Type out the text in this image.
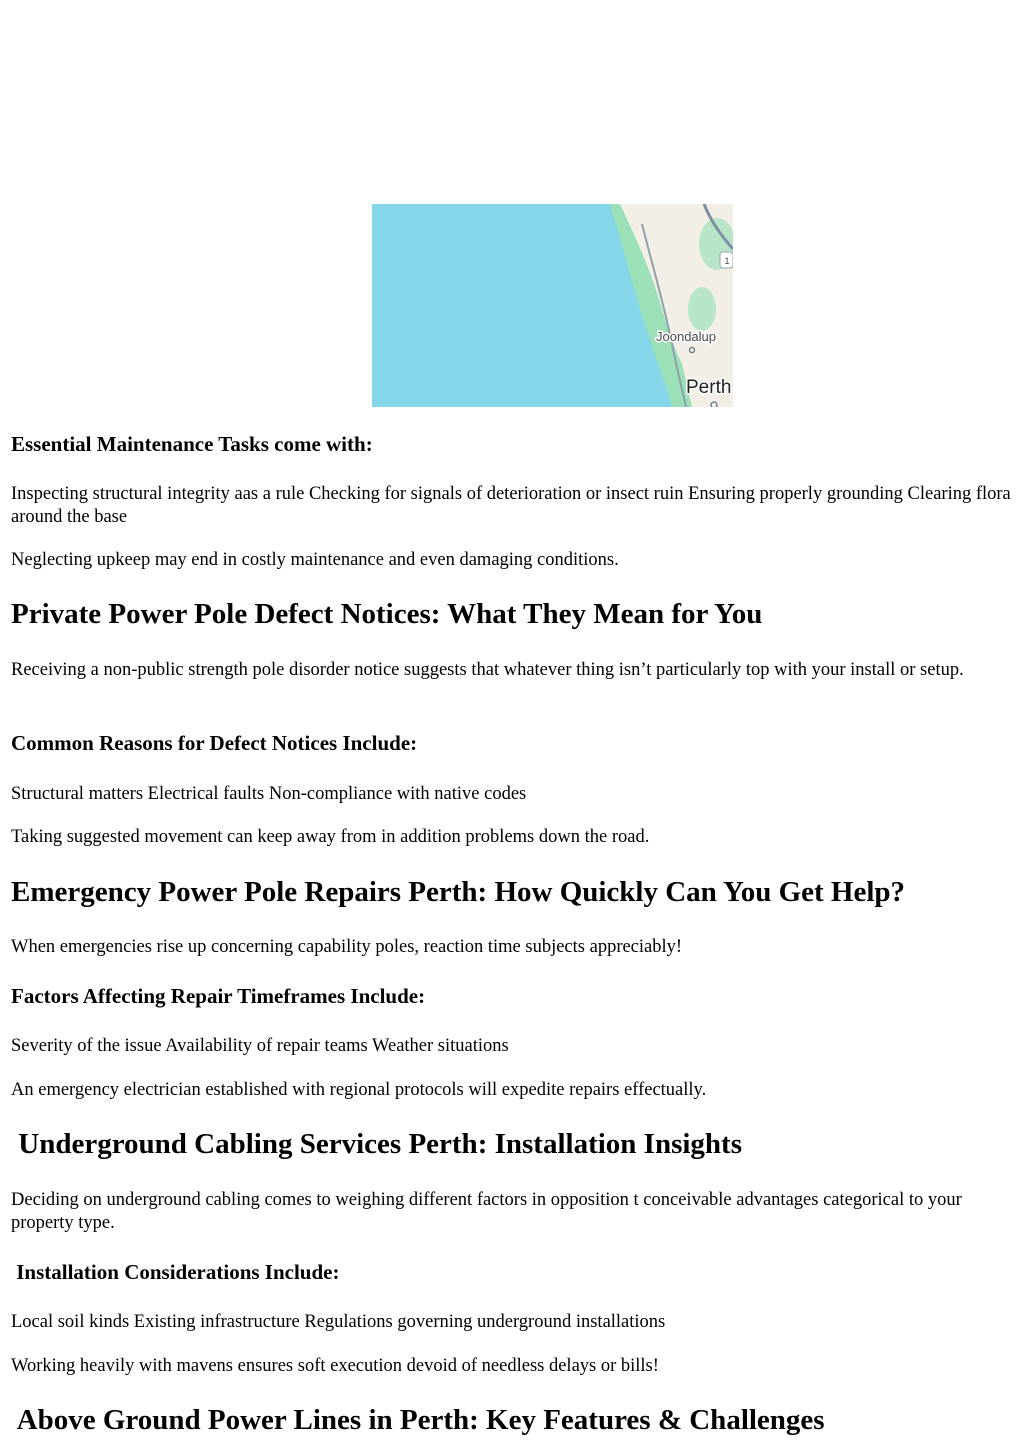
1
Joondalup
Perth
Essential Maintenance Tasks come with:

Inspecting structural integrity aas a rule Checking for signals of deterioration or insect ruin Ensuring properly grounding Clearing flora around the base

Neglecting upkeep may end in costly maintenance and even damaging conditions.

Private Power Pole Defect Notices: What They Mean for You

Receiving a non-public strength pole disorder notice suggests that whatever thing isn’t particularly top with your install or setup.

Common Reasons for Defect Notices Include:

Structural matters Electrical faults Non-compliance with native codes

Taking suggested movement can keep away from in addition problems down the road.

Emergency Power Pole Repairs Perth: How Quickly Can You Get Help?

When emergencies rise up concerning capability poles, reaction time subjects appreciably!

Factors Affecting Repair Timeframes Include:

Severity of the issue Availability of repair teams Weather situations

An emergency electrician established with regional protocols will expedite repairs effectually.

Underground Cabling Services Perth: Installation Insights

Deciding on underground cabling comes to weighing different factors in opposition t conceivable advantages categorical to your property type.

Installation Considerations Include:

Local soil kinds Existing infrastructure Regulations governing underground installations

Working heavily with mavens ensures soft execution devoid of needless delays or bills!

Above Ground Power Lines in Perth: Key Features & Challenges
